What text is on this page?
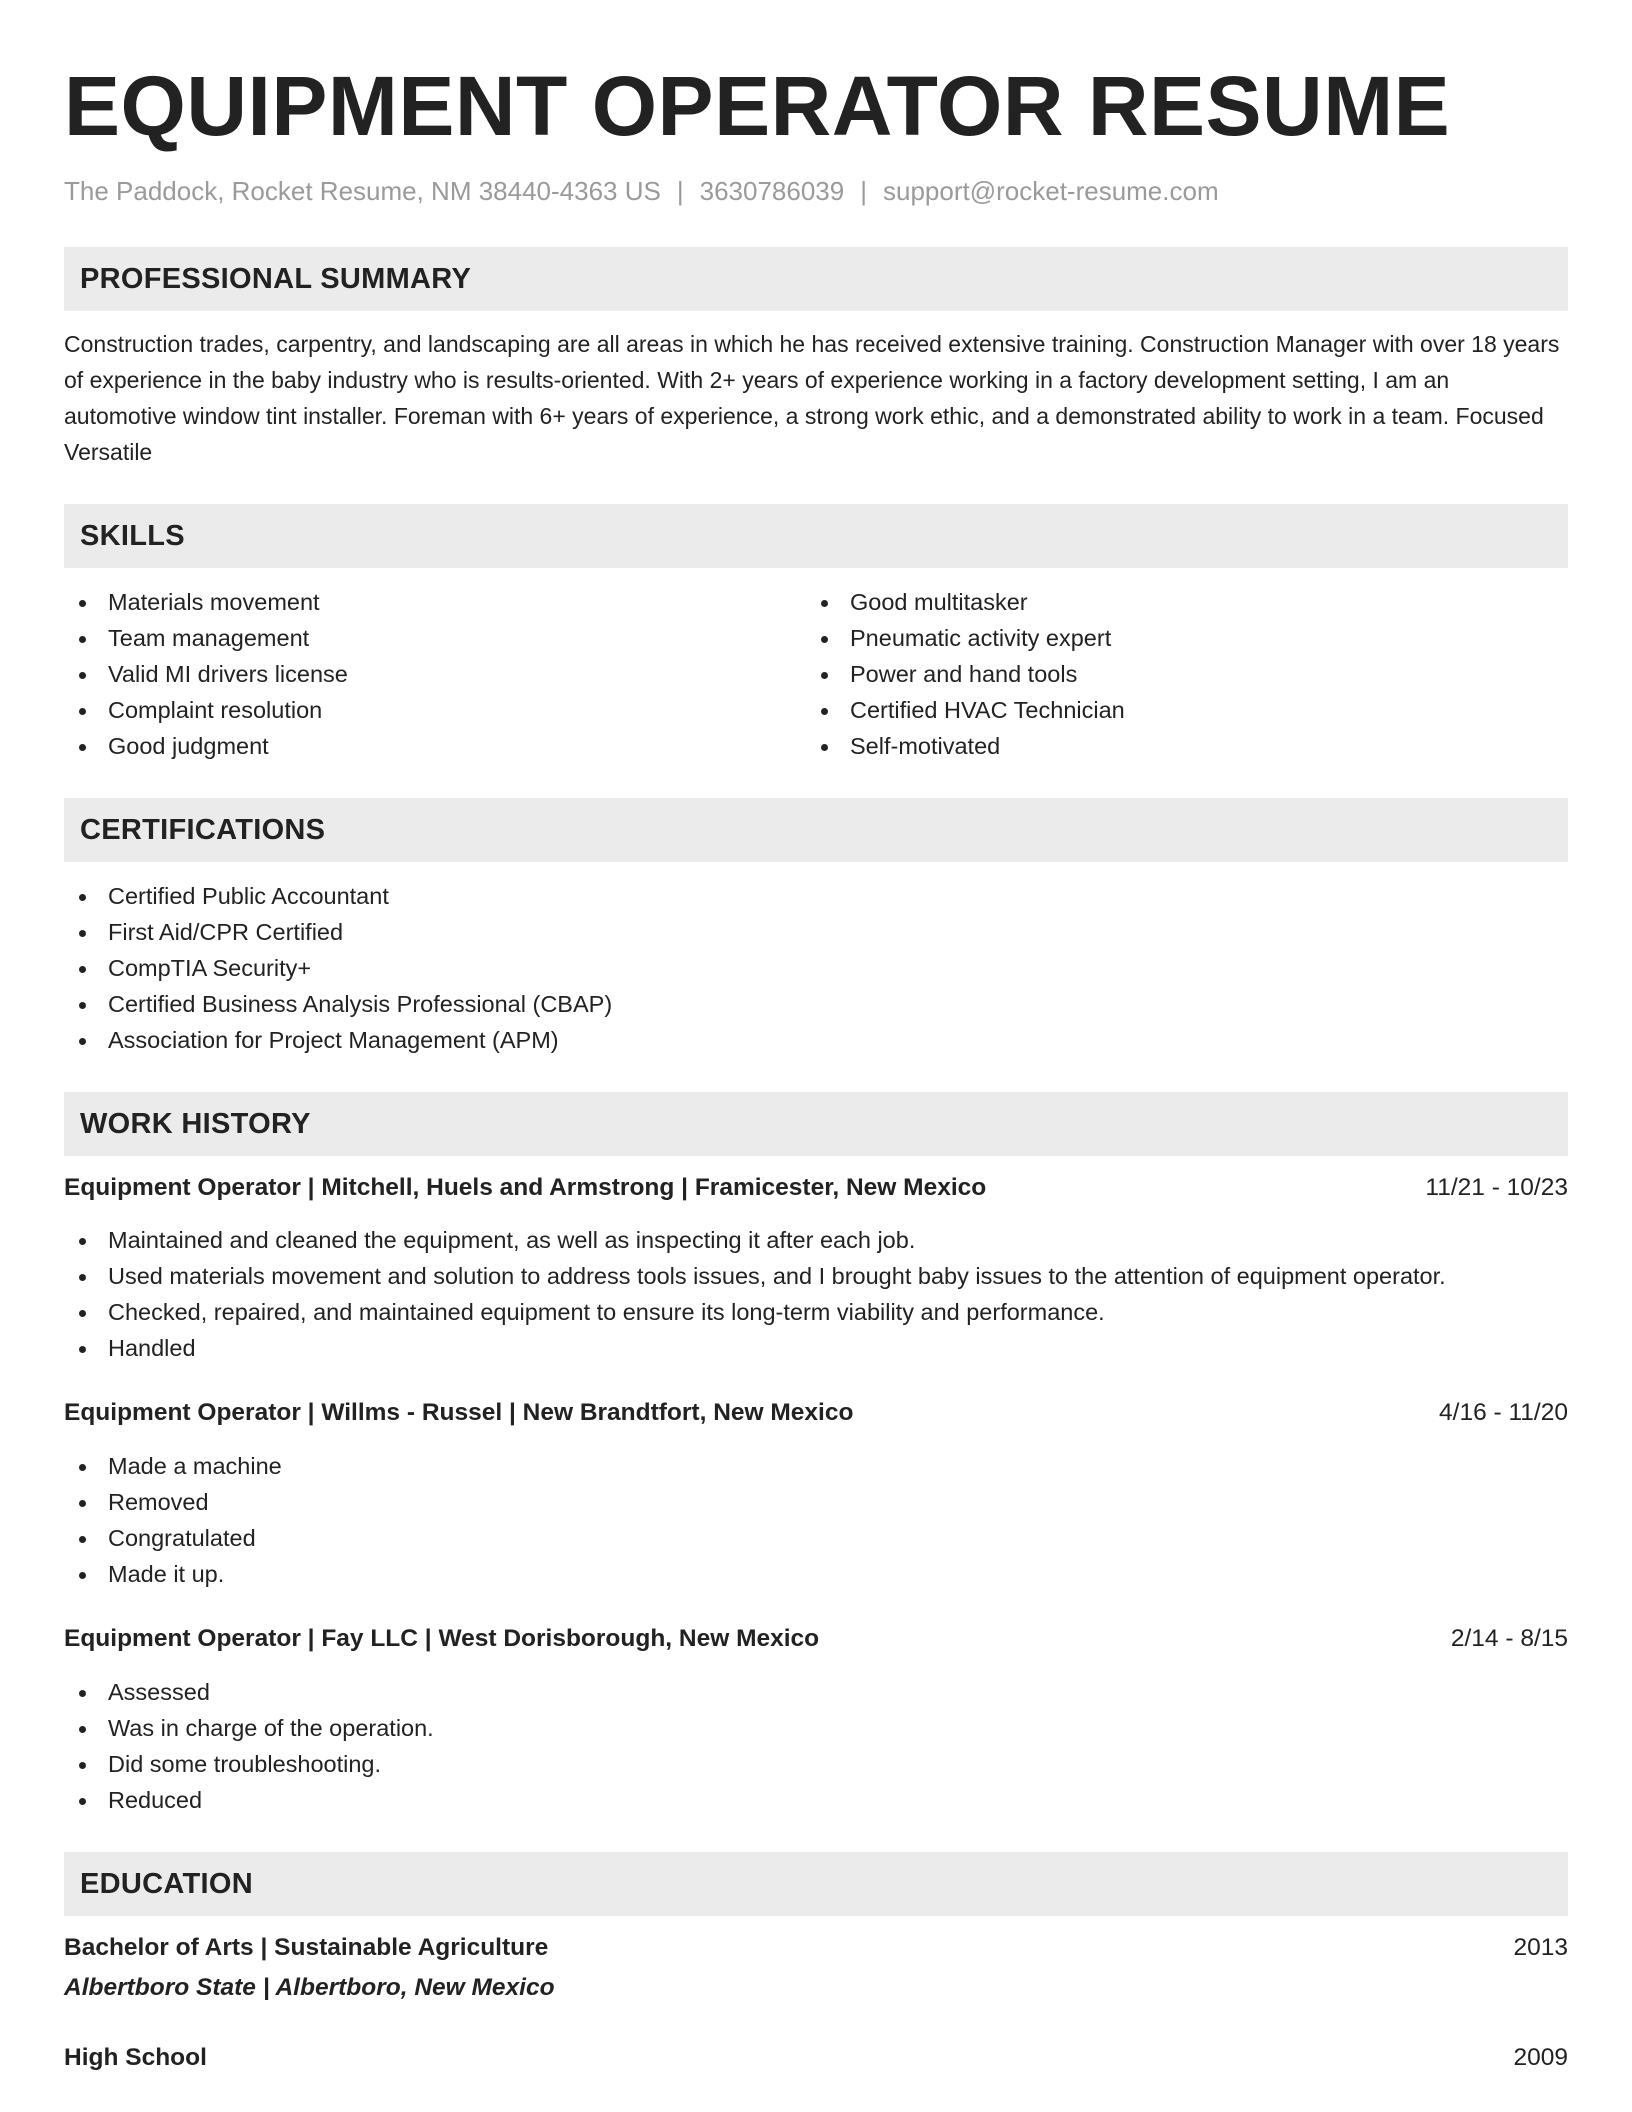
EQUIPMENT OPERATOR RESUME
The Paddock, Rocket Resume, NM 38440-4363 US | 3630786039 | support@rocket-resume.com
PROFESSIONAL SUMMARY

Construction trades, carpentry, and landscaping are all areas in which he has received extensive training. Construction Manager with over 18 years of experience in the baby industry who is results-oriented. With 2+ years of experience working in a factory development setting, I am an automotive window tint installer. Foreman with 6+ years of experience, a strong work ethic, and a demonstrated ability to work in a team. Focused Versatile

SKILLS
Materials movement
Team management
Valid MI drivers license
Complaint resolution
Good judgment
Good multitasker
Pneumatic activity expert
Power and hand tools
Certified HVAC Technician
Self-motivated
CERTIFICATIONS
Certified Public Accountant
First Aid/CPR Certified
CompTIA Security+
Certified Business Analysis Professional (CBAP)
Association for Project Management (APM)
WORK HISTORY
Equipment Operator | Mitchell, Huels and Armstrong | Framicester, New Mexico	11/21 - 10/23
Maintained and cleaned the equipment, as well as inspecting it after each job.
Used materials movement and solution to address tools issues, and I brought baby issues to the attention of equipment operator.
Checked, repaired, and maintained equipment to ensure its long-term viability and performance.
Handled
Equipment Operator | Willms - Russel | New Brandtfort, New Mexico	4/16 - 11/20
Made a machine
Removed
Congratulated
Made it up.
Equipment Operator | Fay LLC | West Dorisborough, New Mexico	2/14 - 8/15
Assessed
Was in charge of the operation.
Did some troubleshooting.
Reduced
EDUCATION
Bachelor of Arts | Sustainable Agriculture	2013
Albertboro State | Albertboro, New Mexico
High School	2009
